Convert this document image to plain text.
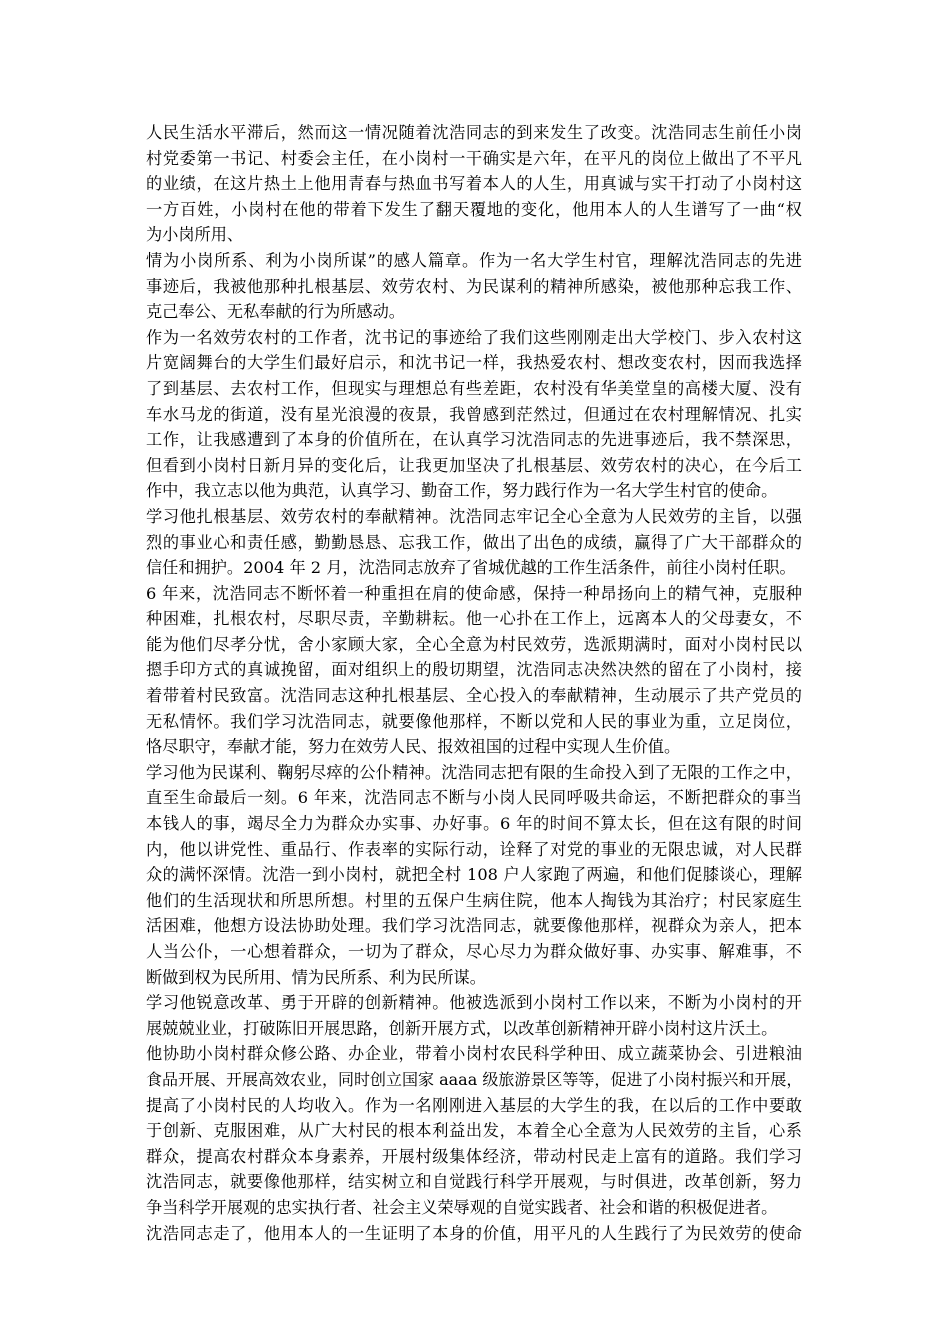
人民生活水平滞后，然而这一情况随着沈浩同志的到来发生了改变。沈浩同志生前任小岗
村党委第一书记、村委会主任，在小岗村一干确实是六年，在平凡的岗位上做出了不平凡
的业绩，在这片热土上他用青春与热血书写着本人的人生，用真诚与实干打动了小岗村这
一方百姓，小岗村在他的带着下发生了翻天覆地的变化，他用本人的人生谱写了一曲“权
为小岗所用、
情为小岗所系、利为小岗所谋”的感人篇章。作为一名大学生村官，理解沈浩同志的先进
事迹后，我被他那种扎根基层、效劳农村、为民谋利的精神所感染，被他那种忘我工作、
克己奉公、无私奉献的行为所感动。
作为一名效劳农村的工作者，沈书记的事迹给了我们这些刚刚走出大学校门、步入农村这
片宽阔舞台的大学生们最好启示，和沈书记一样，我热爱农村、想改变农村，因而我选择
了到基层、去农村工作，但现实与理想总有些差距，农村没有华美堂皇的高楼大厦、没有
车水马龙的街道，没有星光浪漫的夜景，我曾感到茫然过，但通过在农村理解情况、扎实
工作，让我感遭到了本身的价值所在，在认真学习沈浩同志的先进事迹后，我不禁深思，
但看到小岗村日新月异的变化后，让我更加坚决了扎根基层、效劳农村的决心，在今后工
作中，我立志以他为典范，认真学习、勤奋工作，努力践行作为一名大学生村官的使命。
学习他扎根基层、效劳农村的奉献精神。沈浩同志牢记全心全意为人民效劳的主旨，以强
烈的事业心和责任感，勤勤恳恳、忘我工作，做出了出色的成绩，赢得了广大干部群众的
信任和拥护。2004 年 2 月，沈浩同志放弃了省城优越的工作生活条件，前往小岗村任职。
6 年来，沈浩同志不断怀着一种重担在肩的使命感，保持一种昂扬向上的精气神，克服种
种困难，扎根农村，尽职尽责，辛勤耕耘。他一心扑在工作上，远离本人的父母妻女，不
能为他们尽孝分忧，舍小家顾大家，全心全意为村民效劳，选派期满时，面对小岗村民以
摁手印方式的真诚挽留，面对组织上的殷切期望，沈浩同志决然决然的留在了小岗村，接
着带着村民致富。沈浩同志这种扎根基层、全心投入的奉献精神，生动展示了共产党员的
无私情怀。我们学习沈浩同志，就要像他那样，不断以党和人民的事业为重，立足岗位，
恪尽职守，奉献才能，努力在效劳人民、报效祖国的过程中实现人生价值。
学习他为民谋利、鞠躬尽瘁的公仆精神。沈浩同志把有限的生命投入到了无限的工作之中，
直至生命最后一刻。6 年来，沈浩同志不断与小岗人民同呼吸共命运，不断把群众的事当
本钱人的事，竭尽全力为群众办实事、办好事。6 年的时间不算太长，但在这有限的时间
内，他以讲党性、重品行、作表率的实际行动，诠释了对党的事业的无限忠诚，对人民群
众的满怀深情。沈浩一到小岗村，就把全村 108 户人家跑了两遍，和他们促膝谈心，理解
他们的生活现状和所思所想。村里的五保户生病住院，他本人掏钱为其治疗；村民家庭生
活困难，他想方设法协助处理。我们学习沈浩同志，就要像他那样，视群众为亲人，把本
人当公仆，一心想着群众，一切为了群众，尽心尽力为群众做好事、办实事、解难事，不
断做到权为民所用、情为民所系、利为民所谋。
学习他锐意改革、勇于开辟的创新精神。他被选派到小岗村工作以来，不断为小岗村的开
展兢兢业业，打破陈旧开展思路，创新开展方式，以改革创新精神开辟小岗村这片沃土。
他协助小岗村群众修公路、办企业，带着小岗村农民科学种田、成立蔬菜协会、引进粮油
食品开展、开展高效农业，同时创立国家 aaaa 级旅游景区等等，促进了小岗村振兴和开展，
提高了小岗村民的人均收入。作为一名刚刚进入基层的大学生的我，在以后的工作中要敢
于创新、克服困难，从广大村民的根本利益出发，本着全心全意为人民效劳的主旨，心系
群众，提高农村群众本身素养，开展村级集体经济，带动村民走上富有的道路。我们学习
沈浩同志，就要像他那样，结实树立和自觉践行科学开展观，与时俱进，改革创新，努力
争当科学开展观的忠实执行者、社会主义荣辱观的自觉实践者、社会和谐的积极促进者。
沈浩同志走了，他用本人的一生证明了本身的价值，用平凡的人生践行了为民效劳的使命
